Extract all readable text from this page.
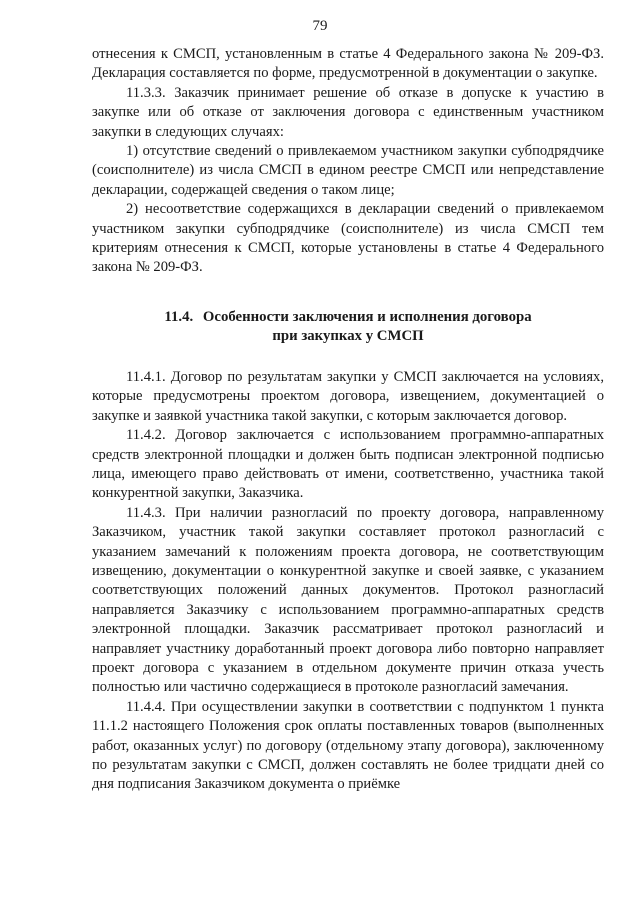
79

отнесения к СМСП, установленным в статье 4 Федерального закона № 209-ФЗ. Декларация составляется по форме, предусмотренной в документации о закупке.

11.3.3. Заказчик принимает решение об отказе в допуске к участию в закупке или об отказе от заключения договора с единственным участником закупки в следующих случаях:

1) отсутствие сведений о привлекаемом участником закупки субподрядчике (соисполнителе) из числа СМСП в едином реестре СМСП или непредставление декларации, содержащей сведения о таком лице;

2) несоответствие содержащихся в декларации сведений о привлекаемом участником закупки субподрядчике (соисполнителе) из числа СМСП тем критериям отнесения к СМСП, которые установлены в статье 4 Федерального закона № 209-ФЗ.

11.4. Особенности заключения и исполнения договора
при закупках у СМСП

11.4.1. Договор по результатам закупки у СМСП заключается на условиях, которые предусмотрены проектом договора, извещением, документацией о закупке и заявкой участника такой закупки, с которым заключается договор.

11.4.2. Договор заключается с использованием программно-аппаратных средств электронной площадки и должен быть подписан электронной подписью лица, имеющего право действовать от имени, соответственно, участника такой конкурентной закупки, Заказчика.

11.4.3. При наличии разногласий по проекту договора, направленному Заказчиком, участник такой закупки составляет протокол разногласий с указанием замечаний к положениям проекта договора, не соответствующим извещению, документации о конкурентной закупке и своей заявке, с указанием соответствующих положений данных документов. Протокол разногласий направляется Заказчику с использованием программно-аппаратных средств электронной площадки. Заказчик рассматривает протокол разногласий и направляет участнику доработанный проект договора либо повторно направляет проект договора с указанием в отдельном документе причин отказа учесть полностью или частично содержащиеся в протоколе разногласий замечания.

11.4.4. При осуществлении закупки в соответствии с подпунктом 1 пункта 11.1.2 настоящего Положения срок оплаты поставленных товаров (выполненных работ, оказанных услуг) по договору (отдельному этапу договора), заключенному по результатам закупки с СМСП, должен составлять не более тридцати дней со дня подписания Заказчиком документа о приёмке
